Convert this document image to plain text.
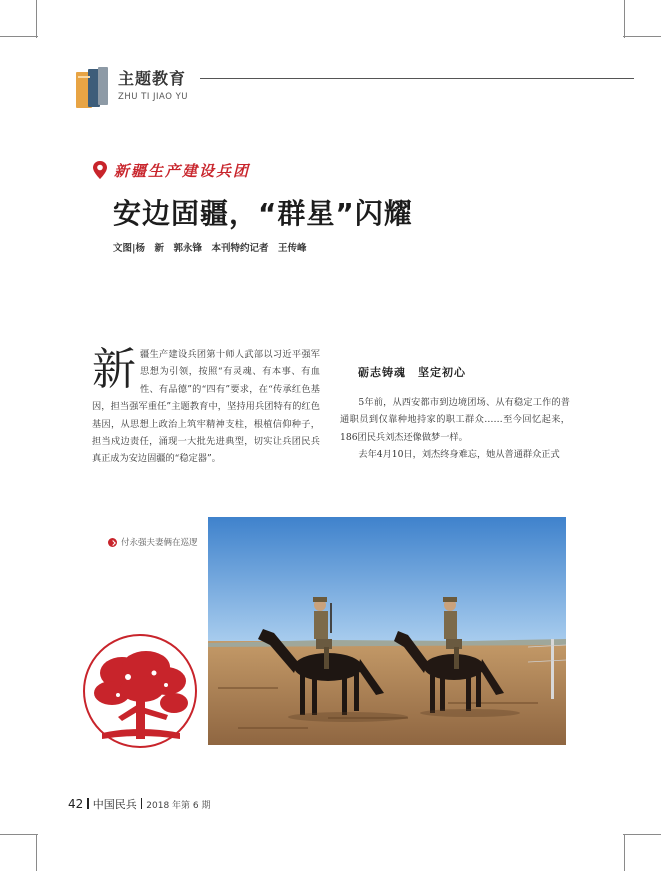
主题教育
ZHU TI JIAO YU
新疆生产建设兵团
安边固疆，“群星”闪耀
文图|杨　新　郭永锋　本刊特约记者　王传峰
新疆生产建设兵团第十师人武部以习近平强军思想为引领，按照“有灵魂、有本事、有血性、有品德”的“四有”要求，在“传承红色基因，担当强军重任”主题教育中，坚持用兵团特有的红色基因，从思想上政治上筑牢精神支柱，根植信仰种子，担当戍边责任，涌现一大批先进典型，切实让兵团民兵真正成为安边固疆的“稳定器”。
砺志铸魂　坚定初心

5年前，从西安都市到边境团场、从有稳定工作的普通职员到仅靠种地持家的职工群众……至今回忆起来，186团民兵刘杰还像做梦一样。

去年4月10日，刘杰终身难忘，她从普通群众正式

付永强夫妻俩在巡逻
42 中国民兵 2018 年第 6 期
